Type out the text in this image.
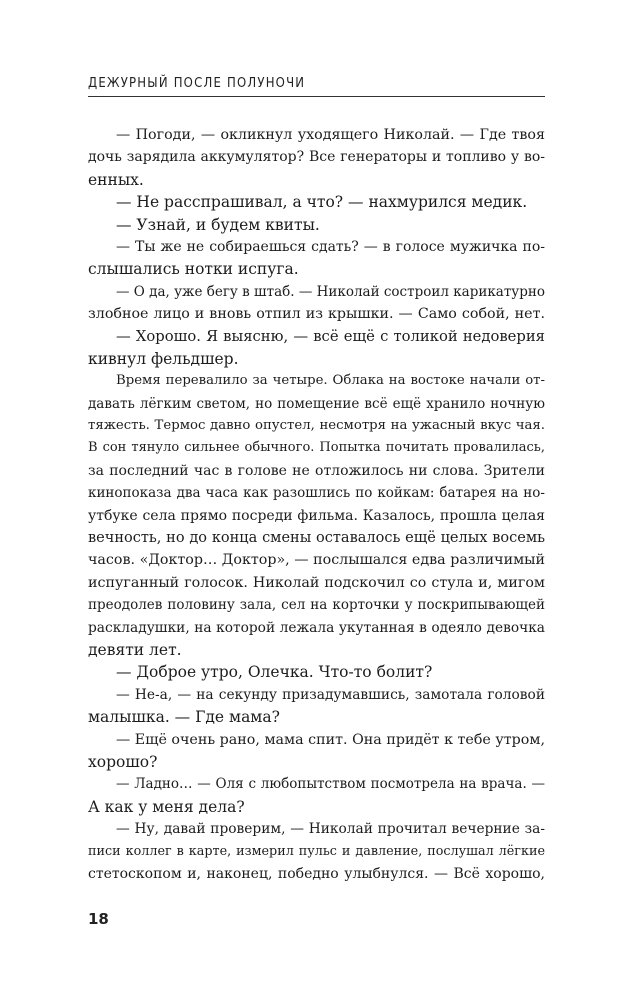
ДЕЖУРНЫЙ ПОСЛЕ ПОЛУНОЧИ
— Погоди, — окликнул уходящего Николай. — Где твоя
дочь зарядила аккумулятор? Все генераторы и топливо у во-
енных.
— Не расспрашивал, а что? — нахмурился медик.
— Узнай, и будем квиты.
— Ты же не собираешься сдать? — в голосе мужичка по-
слышались нотки испуга.
— О да, уже бегу в штаб. — Николай состроил карикатурно
злобное лицо и вновь отпил из крышки. — Само собой, нет.
— Хорошо. Я выясню, — всё ещё с толикой недоверия
кивнул фельдшер.
Время перевалило за четыре. Облака на востоке начали от-
давать лёгким светом, но помещение всё ещё хранило ночную
тяжесть. Термос давно опустел, несмотря на ужасный вкус чая.
В сон тянуло сильнее обычного. Попытка почитать провалилась,
за последний час в голове не отложилось ни слова. Зрители
кинопоказа два часа как разошлись по койкам: батарея на но-
утбуке села прямо посреди фильма. Казалось, прошла целая
вечность, но до конца смены оставалось ещё целых восемь
часов. «Доктор… Доктор», — послышался едва различимый
испуганный голосок. Николай подскочил со стула и, мигом
преодолев половину зала, сел на корточки у поскрипывающей
раскладушки, на которой лежала укутанная в одеяло девочка
девяти лет.
— Доброе утро, Олечка. Что-то болит?
— Не-а, — на секунду призадумавшись, замотала головой
малышка. — Где мама?
— Ещё очень рано, мама спит. Она придёт к тебе утром,
хорошо?
— Ладно… — Оля с любопытством посмотрела на врача. —
А как у меня дела?
— Ну, давай проверим, — Николай прочитал вечерние за-
писи коллег в карте, измерил пульс и давление, послушал лёгкие
стетоскопом и, наконец, победно улыбнулся. — Всё хорошо,
18
